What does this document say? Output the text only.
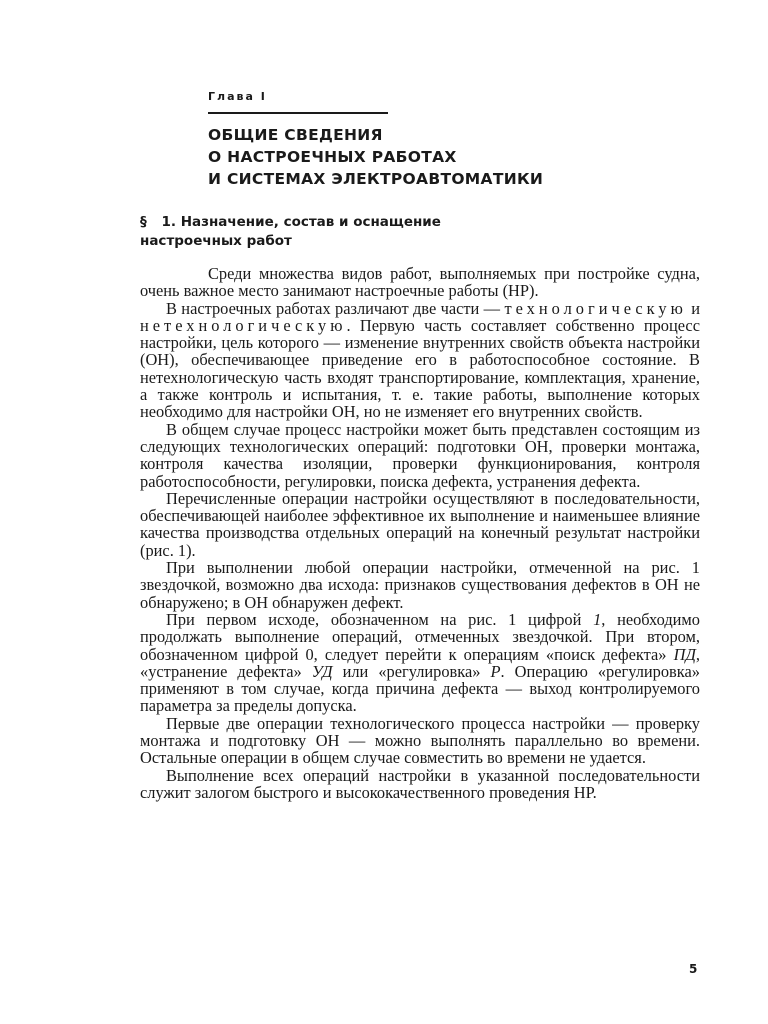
Глава I
ОБЩИЕ СВЕДЕНИЯ
О НАСТРОЕЧНЫХ РАБОТАХ
И СИСТЕМАХ ЭЛЕКТРОАВТОМАТИКИ
§ 1. Назначение, состав и оснащение
настроечных работ

Среди множества видов работ, выполняемых при постройке судна, очень важное место занимают настроечные работы (НР).

В настроечных работах различают две части — технологическую и нетехнологическую. Первую часть составляет собственно процесс настройки, цель которого — изменение внутренних свойств объекта настройки (ОН), обеспечивающее приведение его в работоспособное состояние. В нетехнологическую часть входят транспортирование, комплектация, хранение, а также контроль и испытания, т. е. такие работы, выполнение которых необходимо для настройки ОН, но не изменяет его внутренних свойств.

В общем случае процесс настройки может быть представлен состоящим из следующих технологических операций: подготовки ОН, проверки монтажа, контроля качества изоляции, проверки функционирования, контроля работоспособности, регулировки, поиска дефекта, устранения дефекта.

Перечисленные операции настройки осуществляют в последовательности, обеспечивающей наиболее эффективное их выполнение и наименьшее влияние качества производства отдельных операций на конечный результат настройки (рис. 1).

При выполнении любой операции настройки, отмеченной на рис. 1 звездочкой, возможно два исхода: признаков существования дефектов в ОН не обнаружено; в ОН обнаружен дефект.

При первом исходе, обозначенном на рис. 1 цифрой 1, необходимо продолжать выполнение операций, отмеченных звездочкой. При втором, обозначенном цифрой 0, следует перейти к операциям «поиск дефекта» ПД, «устранение дефекта» УД или «регулировка» Р. Операцию «регулировка» применяют в том случае, когда причина дефекта — выход контролируемого параметра за пределы допуска.

Первые две операции технологического процесса настройки — проверку монтажа и подготовку ОН — можно выполнять параллельно во времени. Остальные операции в общем случае совместить во времени не удается.

Выполнение всех операций настройки в указанной последовательности служит залогом быстрого и высококачественного проведения НР.

5
